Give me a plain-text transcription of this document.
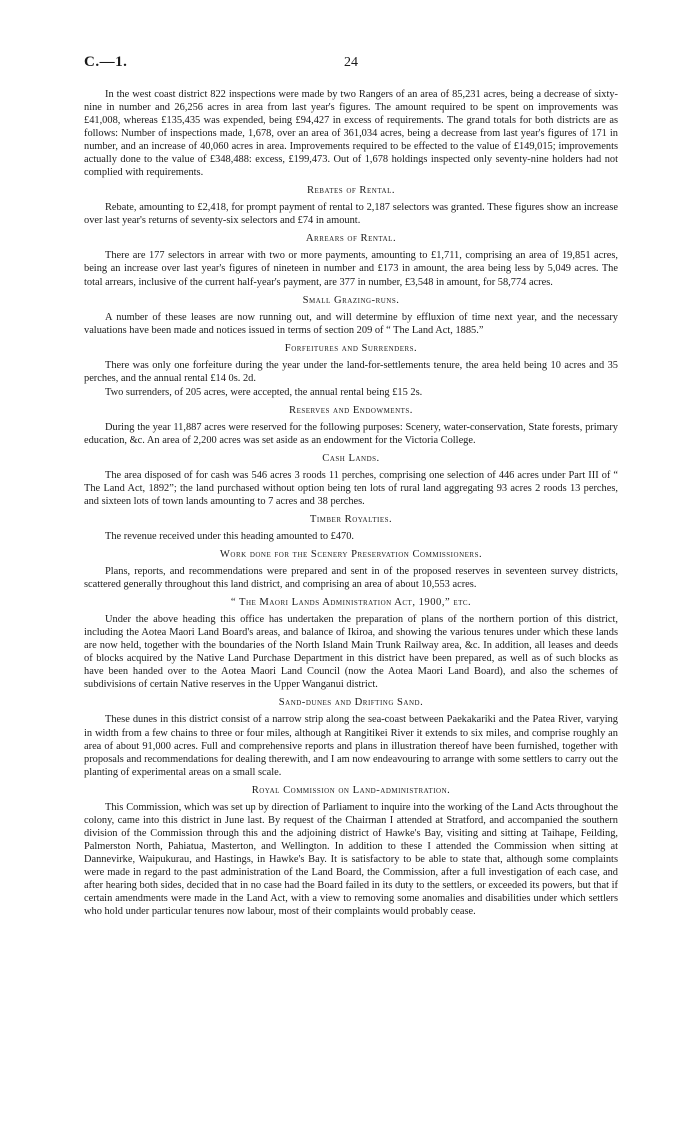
C.—1.	24

In the west coast district 822 inspections were made by two Rangers of an area of 85,231 acres, being a decrease of sixty-nine in number and 26,256 acres in area from last year's figures. The amount required to be spent on improvements was £41,008, whereas £135,435 was expended, being £94,427 in excess of requirements. The grand totals for both districts are as follows: Number of inspections made, 1,678, over an area of 361,034 acres, being a decrease from last year's figures of 171 in number, and an increase of 40,060 acres in area. Improvements required to be effected to the value of £149,015; improvements actually done to the value of £348,488: excess, £199,473. Out of 1,678 holdings inspected only seventy-nine holders had not complied with requirements.

Rebates of Rental.

Rebate, amounting to £2,418, for prompt payment of rental to 2,187 selectors was granted. These figures show an increase over last year's returns of seventy-six selectors and £74 in amount.

Arrears of Rental.

There are 177 selectors in arrear with two or more payments, amounting to £1,711, comprising an area of 19,851 acres, being an increase over last year's figures of nineteen in number and £173 in amount, the area being less by 5,049 acres. The total arrears, inclusive of the current half-year's payment, are 377 in number, £3,548 in amount, for 58,774 acres.

Small Grazing-runs.

A number of these leases are now running out, and will determine by effluxion of time next year, and the necessary valuations have been made and notices issued in terms of section 209 of “ The Land Act, 1885.”

Forfeitures and Surrenders.

There was only one forfeiture during the year under the land-for-settlements tenure, the area held being 10 acres and 35 perches, and the annual rental £14 0s. 2d.

Two surrenders, of 205 acres, were accepted, the annual rental being £15 2s.

Reserves and Endowments.

During the year 11,887 acres were reserved for the following purposes: Scenery, water-conservation, State forests, primary education, &c. An area of 2,200 acres was set aside as an endowment for the Victoria College.

Cash Lands.

The area disposed of for cash was 546 acres 3 roods 11 perches, comprising one selection of 446 acres under Part III of “ The Land Act, 1892”; the land purchased without option being ten lots of rural land aggregating 93 acres 2 roods 13 perches, and sixteen lots of town lands amounting to 7 acres and 38 perches.

Timber Royalties.

The revenue received under this heading amounted to £470.

Work done for the Scenery Preservation Commissioners.

Plans, reports, and recommendations were prepared and sent in of the proposed reserves in seventeen survey districts, scattered generally throughout this land district, and comprising an area of about 10,553 acres.

“ The Maori Lands Administration Act, 1900,” etc.

Under the above heading this office has undertaken the preparation of plans of the northern portion of this district, including the Aotea Maori Land Board's areas, and balance of Ikiroa, and showing the various tenures under which these lands are now held, together with the boundaries of the North Island Main Trunk Railway area, &c. In addition, all leases and deeds of blocks acquired by the Native Land Purchase Department in this district have been prepared, as well as of such blocks as have been handed over to the Aotea Maori Land Council (now the Aotea Maori Land Board), and also the schemes of subdivisions of certain Native reserves in the Upper Wanganui district.

Sand-dunes and Drifting Sand.

These dunes in this district consist of a narrow strip along the sea-coast between Paekakariki and the Patea River, varying in width from a few chains to three or four miles, although at Rangitikei River it extends to six miles, and comprise roughly an area of about 91,000 acres. Full and comprehensive reports and plans in illustration thereof have been furnished, together with proposals and recommendations for dealing therewith, and I am now endeavouring to arrange with some settlers to carry out the planting of experimental areas on a small scale.

Royal Commission on Land-administration.

This Commission, which was set up by direction of Parliament to inquire into the working of the Land Acts throughout the colony, came into this district in June last. By request of the Chairman I attended at Stratford, and accompanied the southern division of the Commission through this and the adjoining district of Hawke's Bay, visiting and sitting at Taihape, Feilding, Palmerston North, Pahiatua, Masterton, and Wellington. In addition to these I attended the Commission when sitting at Dannevirke, Waipukurau, and Hastings, in Hawke's Bay. It is satisfactory to be able to state that, although some complaints were made in regard to the past administration of the Land Board, the Commission, after a full investigation of each case, and after hearing both sides, decided that in no case had the Board failed in its duty to the settlers, or exceeded its powers, but that if certain amendments were made in the Land Act, with a view to removing some anomalies and disabilities under which settlers who hold under particular tenures now labour, most of their complaints would probably cease.
